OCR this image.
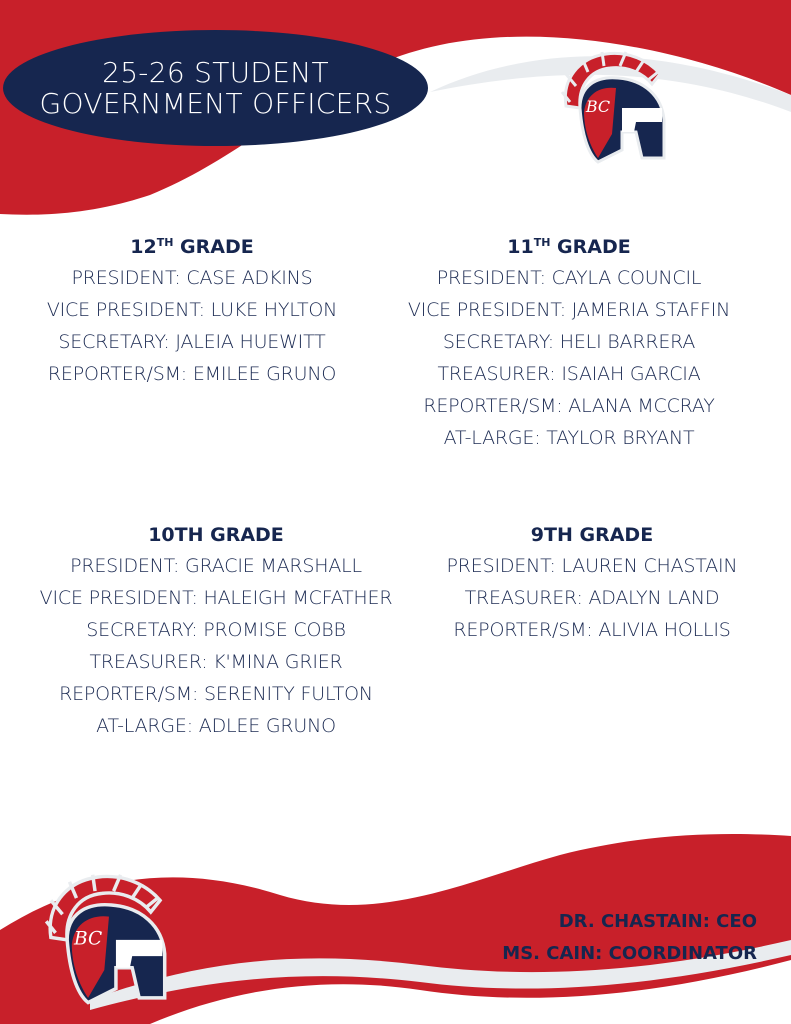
25-26 STUDENT
GOVERNMENT OFFICERS	BC
12TH GRADE
PRESIDENT: CASE ADKINS
VICE PRESIDENT: LUKE HYLTON
SECRETARY: JALEIA HUEWITT
REPORTER/SM: EMILEE GRUNO
11TH GRADE
PRESIDENT: CAYLA COUNCIL
VICE PRESIDENT: JAMERIA STAFFIN
SECRETARY: HELI BARRERA
TREASURER: ISAIAH GARCIA
REPORTER/SM: ALANA MCCRAY
AT-LARGE: TAYLOR BRYANT
10TH GRADE
PRESIDENT: GRACIE MARSHALL
VICE PRESIDENT: HALEIGH MCFATHER
SECRETARY: PROMISE COBB
TREASURER: K'MINA GRIER
REPORTER/SM: SERENITY FULTON
AT-LARGE: ADLEE GRUNO
9TH GRADE
PRESIDENT: LAUREN CHASTAIN
TREASURER: ADALYN LAND
REPORTER/SM: ALIVIA HOLLIS
BC
DR. CHASTAIN: CEO
MS. CAIN: COORDINATOR
